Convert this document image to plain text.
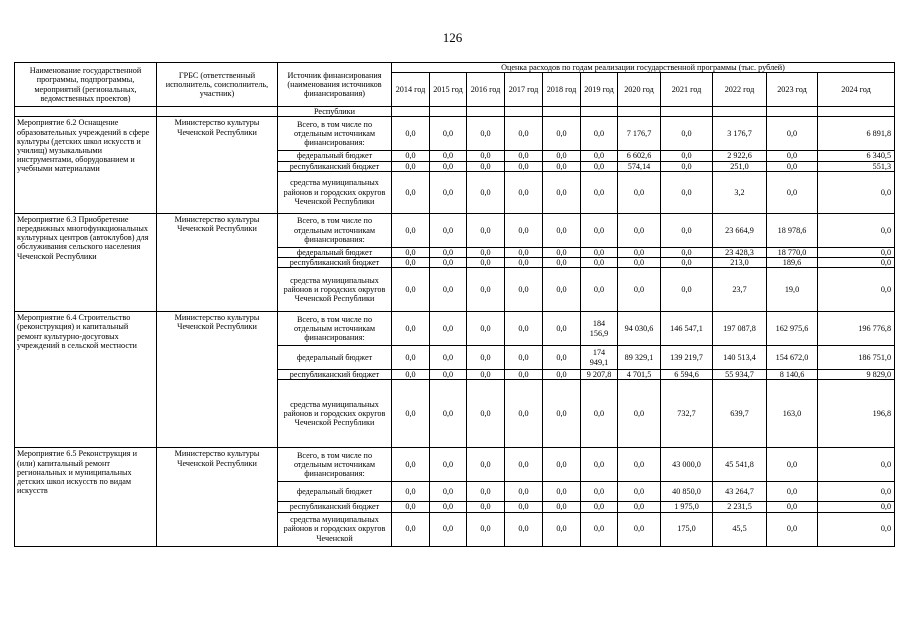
126
Наименование государственной программы, подпрограммы, мероприятий (региональных, ведомственных проектов)	ГРБС (ответственный исполнитель, соисполнитель, участник)	Источник финансирования (наименования источников финансирования)	Оценка расходов по годам реализации государственной программы (тыс. рублей)										
			2014 год	2015 год	2016 год	2017 год	2018 год	2019 год	2020 год	2021 год	2022 год	2023 год	2024 год
		Республики											
Мероприятие 6.2 Оснащение образовательных учреждений в сфере культуры (детских школ искусств и училищ) музыкальными инструментами, оборудованием и учебными материалами	Министерство культуры Чеченской Республики	Всего, в том числе по отдельным источникам финансирования:	0,0	0,0	0,0	0,0	0,0	0,0	7 176,7	0,0	3 176,7	0,0	6 891,8
		федеральный бюджет	0,0	0,0	0,0	0,0	0,0	0,0	6 602,6	0,0	2 922,6	0,0	6 340,5
		республиканский бюджет	0,0	0,0	0,0	0,0	0,0	0,0	574,14	0,0	251,0	0,0	551,3
		средства муниципальных районов и городских округов Чеченской Республики	0,0	0,0	0,0	0,0	0,0	0,0	0,0	0,0	3,2	0,0	0,0
Мероприятие 6.3 Приобретение передвижных многофункциональных культурных центров (автоклубов) для обслуживания сельского населения Чеченской Республики	Министерство культуры Чеченской Республики	Всего, в том числе по отдельным источникам финансирования:	0,0	0,0	0,0	0,0	0,0	0,0	0,0	0,0	23 664,9	18 978,6	0,0
		федеральный бюджет	0,0	0,0	0,0	0,0	0,0	0,0	0,0	0,0	23 428,3	18 770,0	0,0
		республиканский бюджет	0,0	0,0	0,0	0,0	0,0	0,0	0,0	0,0	213,0	189,6	0,0
		средства муниципальных районов и городских округов Чеченской Республики	0,0	0,0	0,0	0,0	0,0	0,0	0,0	0,0	23,7	19,0	0,0
Мероприятие 6.4 Строительство (реконструкция) и капитальный ремонт культурно-досуговых учреждений в сельской местности	Министерство культуры Чеченской Республики	Всего, в том числе по отдельным источникам финансирования:	0,0	0,0	0,0	0,0	0,0	184 156,9	94 030,6	146 547,1	197 087,8	162 975,6	196 776,8
		федеральный бюджет	0,0	0,0	0,0	0,0	0,0	174 949,1	89 329,1	139 219,7	140 513,4	154 672,0	186 751,0
		республиканский бюджет	0,0	0,0	0,0	0,0	0,0	9 207,8	4 701,5	6 594,6	55 934,7	8 140,6	9 829,0
		средства муниципальных районов и городских округов Чеченской Республики	0,0	0,0	0,0	0,0	0,0	0,0	0,0	732,7	639,7	163,0	196,8
Мероприятие 6.5 Реконструкция и (или) капитальный ремонт региональных и муниципальных детских школ искусств по видам искусств	Министерство культуры Чеченской Республики	Всего, в том числе по отдельным источникам финансирования:	0,0	0,0	0,0	0,0	0,0	0,0	0,0	43 000,0	45 541,8	0,0	0,0
		федеральный бюджет	0,0	0,0	0,0	0,0	0,0	0,0	0,0	40 850,0	43 264,7	0,0	0,0
		республиканский бюджет	0,0	0,0	0,0	0,0	0,0	0,0	0,0	1 975,0	2 231,5	0,0	0,0
		средства муниципальных районов и городских округов Чеченской	0,0	0,0	0,0	0,0	0,0	0,0	0,0	175,0	45,5	0,0	0,0
